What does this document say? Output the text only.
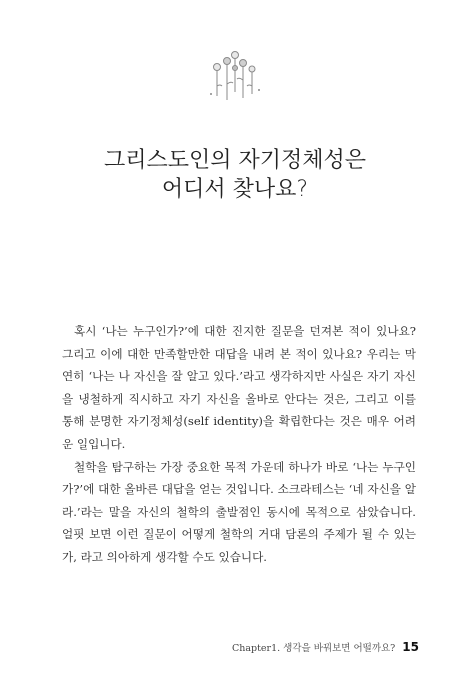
그리스도인의 자기정체성은
어디서 찾나요?

혹시 ‘나는 누구인가?’에 대한 진지한 질문을 던져본 적이 있나요? 그리고 이에 대한 만족할만한 대답을 내려 본 적이 있나요? 우리는 막연히 ‘나는 나 자신을 잘 알고 있다.’라고 생각하지만 사실은 자기 자신을 냉철하게 직시하고 자기 자신을 올바로 안다는 것은, 그리고 이를 통해 분명한 자기정체성(self identity)을 확립한다는 것은 매우 어려운 일입니다.

철학을 탐구하는 가장 중요한 목적 가운데 하나가 바로 ‘나는 누구인가?’에 대한 올바른 대답을 얻는 것입니다. 소크라테스는 ‘네 자신을 알라.’라는 말을 자신의 철학의 출발점인 동시에 목적으로 삼았습니다. 얼핏 보면 이런 질문이 어떻게 철학의 거대 담론의 주제가 될 수 있는가, 라고 의아하게 생각할 수도 있습니다.

Chapter1. 생각을 바꿔보면 어떨까요? 15
